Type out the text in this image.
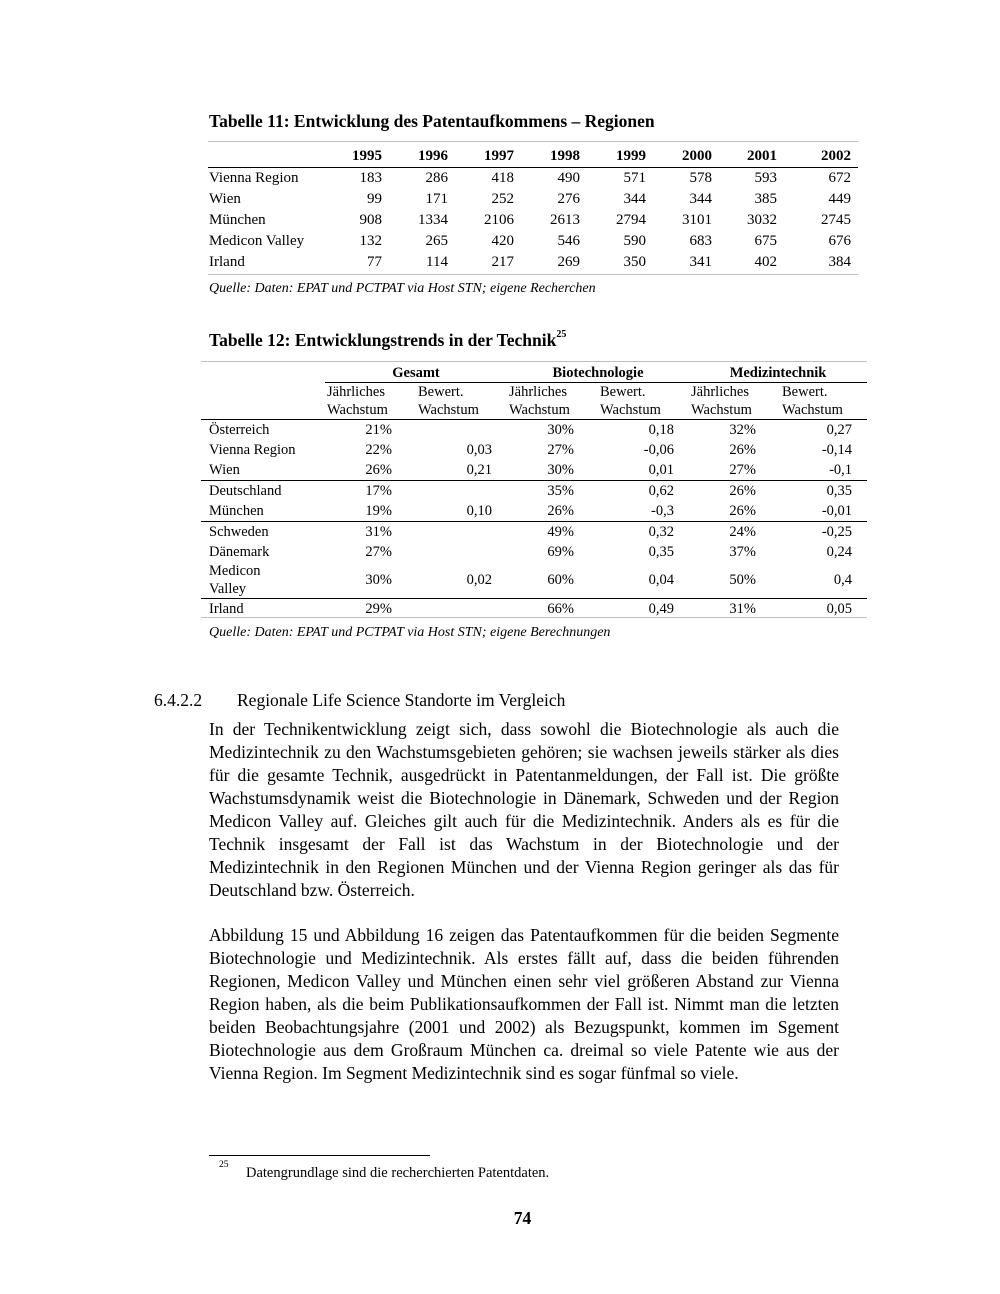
Tabelle 11: Entwicklung des Patentaufkommens – Regionen
	1995	1996	1997	1998	1999	2000	2001	2002
Vienna Region	183	286	418	490	571	578	593	672
Wien	99	171	252	276	344	344	385	449
München	908	1334	2106	2613	2794	3101	3032	2745
Medicon Valley	132	265	420	546	590	683	675	676
Irland	77	114	217	269	350	341	402	384
Quelle: Daten: EPAT und PCTPAT via Host STN; eigene Recherchen
Tabelle 12: Entwicklungstrends in der Technik$^{25}$
	Gesamt		Biotechnologie		Medizintechnik	
	Jährliches	Bewert.	Jährliches	Bewert.	Jährliches	Bewert.
	Wachstum	Wachstum	Wachstum	Wachstum	Wachstum	Wachstum
Österreich	21%		30%	0,18	32%	0,27
Vienna Region	22%	0,03	27%	-0,06	26%	-0,14
Wien	26%	0,21	30%	0,01	27%	-0,1
Deutschland	17%		35%	0,62	26%	0,35
München	19%	0,10	26%	-0,3	26%	-0,01
Schweden	31%		49%	0,32	24%	-0,25
Dänemark	27%		69%	0,35	37%	0,24
Medicon
Valley	30%	0,02	60%	0,04	50%	0,4
Irland	29%		66%	0,49	31%	0,05
Quelle: Daten: EPAT und PCTPAT via Host STN; eigene Berechnungen
6.4.2.2 Regionale Life Science Standorte im Vergleich
In der Technikentwicklung zeigt sich, dass sowohl die Biotechnologie als auch die Medizintechnik zu den Wachstumsgebieten gehören; sie wachsen jeweils stärker als dies für die gesamte Technik, ausgedrückt in Patentanmeldungen, der Fall ist. Die größte Wachstumsdynamik weist die Biotechnologie in Dänemark, Schweden und der Region Medicon Valley auf. Gleiches gilt auch für die Medizintechnik. Anders als es für die Technik insgesamt der Fall ist das Wachstum in der Biotechnologie und der Medizintechnik in den Regionen München und der Vienna Region geringer als das für Deutschland bzw. Österreich.
Abbildung 15 und Abbildung 16 zeigen das Patentaufkommen für die beiden Segmente Biotechnologie und Medizintechnik. Als erstes fällt auf, dass die beiden führenden Regionen, Medicon Valley und München einen sehr viel größeren Abstand zur Vienna Region haben, als die beim Publikationsaufkommen der Fall ist. Nimmt man die letzten beiden Beobachtungsjahre (2001 und 2002) als Bezugspunkt, kommen im Sgement Biotechnologie aus dem Großraum München ca. dreimal so viele Patente wie aus der Vienna Region. Im Segment Medizintechnik sind es sogar fünfmal so viele.
25 Datengrundlage sind die recherchierten Patentdaten.
74
